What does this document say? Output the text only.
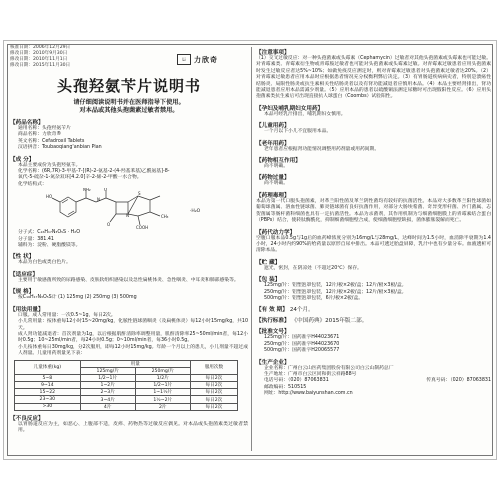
核准日期：2006年12月29日
修改日期：2010年9月30日
修改日期：2010年11月1日
修改日期：2015年11月30日
Li	力欣奇
头孢羟氨苄片说明书
请仔细阅读说明书并在医师指导下使用。
对本品或其他头孢菌素过敏者禁用。
【药品名称】
通用名称：头孢羟氨苄片
商品名称：力欣奇®
英文名称：Cefadroxil Tablets
汉语拼音：Toubaoqiang'anbian Pian
【成 分】
本品主要成份为头孢羟氨苄。
化学名称：(6R,7R)-3-甲基-7-[(R)-2-氨基-2-(4-羟基苯基)乙酰氨基]-8-
氧代-5-硫杂-1-氮杂双环[4.2.0]辛-2-烯-2-甲酸一水合物。
化学结构式：
HO
NH₂	O
N
S
N
O
COOH
CH₃
·H₂O
分子式：C₁₆H₁₇N₃O₅S · H₂O
分子量：381.41
辅料为：淀粉、硬脂酸镁等。
【性 状】
本品为白色或类白色片。
【适应症】
主要用于敏感菌所致的尿路感染、皮肤软组织感染以及急性扁桃体炎、急性咽炎、中耳炎和肺部感染等。
【规 格】
按C₁₆H₁₇N₃O₅S计 (1) 125mg (2) 250mg (3) 500mg
【用法用量】
口服。成人常用量：一次0.5~1g，每日2次。
小儿常用量：按体重每12小时15~20mg/kg，化脓性链球菌咽炎（及扁桃体炎）每12小时15mg/kg，共10天。
成人肾功能减退者：首次剂量为1g，以后根据肌酐清除率调整用量，肌酐清除率25~50ml/min者，每12小时0.5g；10~25ml/min者，每24小时0.5g；0~10ml/min者，每36小时0.5g。
小儿按体重每日30mg/kg，分2次服用，即每12小时15mg/kg。年龄一个月以上的患儿，小儿剂量不超过成人剂量。儿童用药剂量见下表：
儿童体重(kg)	用量		服用次数
	125mg/片	250mg/片	
5~8	1/2~1片	1/2片	每日2次
9~14	1~2片	1/2~1片	每日2次
15~22	2~3片	1~1½片	每日2次
23~30	3~4片	1½~2片	每日2次
>30	4片	2片	每日2次
【不良反应】
以胃肠道反应为主，如恶心、上腹部不适，皮疹、药物热等过敏反应偶见。对本品或头孢菌素类过敏者禁用。
【注意事项】
（1）交叉过敏反应：对一种头孢菌素或头霉素（Cephamycin）过敏者对其他头孢菌素或头霉素也可能过敏。对青霉素类、青霉素衍生物或青霉胺过敏者也可能对头孢菌素或头霉素过敏。对青霉素过敏患者应用头孢菌素时发生过敏反应者达5%~10%；如做免疫反应测定时，则对青霉素过敏患者对头孢菌素过敏者达20%。（2）对青霉素过敏患者应用本品时应根据患者情况充分权衡利弊后决定。（3）有胃肠道疾病病史者，特别是溃疡性结肠炎、局限性肠炎或抗生素相关性结肠炎者以及有肾功能减退者应慎用本品。（4）本品主要经肾排出，肾功能减退患者应用本品需减少剂量。（5）应用本品的患者以硫酸铜法测定尿糖时可出现假阳性反应。（6）应用头孢菌素类抗生素后可出现直接抗人球蛋白（Coombs）试验阳性。
【孕妇及哺乳期妇女用药】
本品可经乳汁排出，哺乳期妇女慎用。
【儿童用药】
一个月以下小儿不宜服用本品。
【老年用药】
老年患者应根据肾功能情况调整用药剂量或用药间期。
【药物相互作用】
尚不明确。
【药物过量】
尚不明确。
【药理毒理】
本品为第一代口服头孢菌素，对革兰阳性菌及革兰阴性菌均有较好的抗菌活性。本品对大多数革兰阳性球菌如葡萄球菌属、溶血性链球菌、肺炎链球菌有良好抗菌作用，对部分大肠埃希菌、奇异变形杆菌、沙门菌属、志贺菌属等肠杆菌科细菌也具有一定抗菌活性。本品为杀菌剂，其作用机制为与细菌细胞膜上的青霉素结合蛋白（PBPs）结合，使转肽酶酰化，抑制细菌细胞壁合成，使细菌细胞壁缺损，菌体膨胀裂解而死亡。
【药代动力学】
空腹口服本品0.5g与1g后的血药峰浓度分别为16mg/L与28mg/L，达峰时间为1.5小时，血消除半衰期为1.4小时，24小时内约90%的给药量以原形自尿中排出。本品可透过胎盘屏障，乳汁中也有少量分布。血液透析可清除本品。
【贮 藏】
遮光，密封，在阴凉处（不超过20℃）保存。
【包 装】
125mg/片：铝塑泡罩包装，12片/板×2板/盒；12片/板×3板/盒。
250mg/片：铝塑泡罩包装，12片/板×2板/盒；12片/板×3板/盒。
500mg/片：铝塑泡罩包装，6片/板×2板/盒。
【有 效 期】 24个月。
【执行标准】 《中国药典》2015年版二部。
【批准文号】
125mg/片：国药准字H44023671
250mg/片：国药准字H44023670
500mg/片：国药准字H20065577
【生产企业】
企业名称：广州白云山医药集团股份有限公司白云山制药总厂
生产地址：广州市白云区同和街云祥路88号
电话号码：（020）87063831	传真号码：（020）87063831
邮政编码：510515
网址：http://www.baiyunshan.com.cn
